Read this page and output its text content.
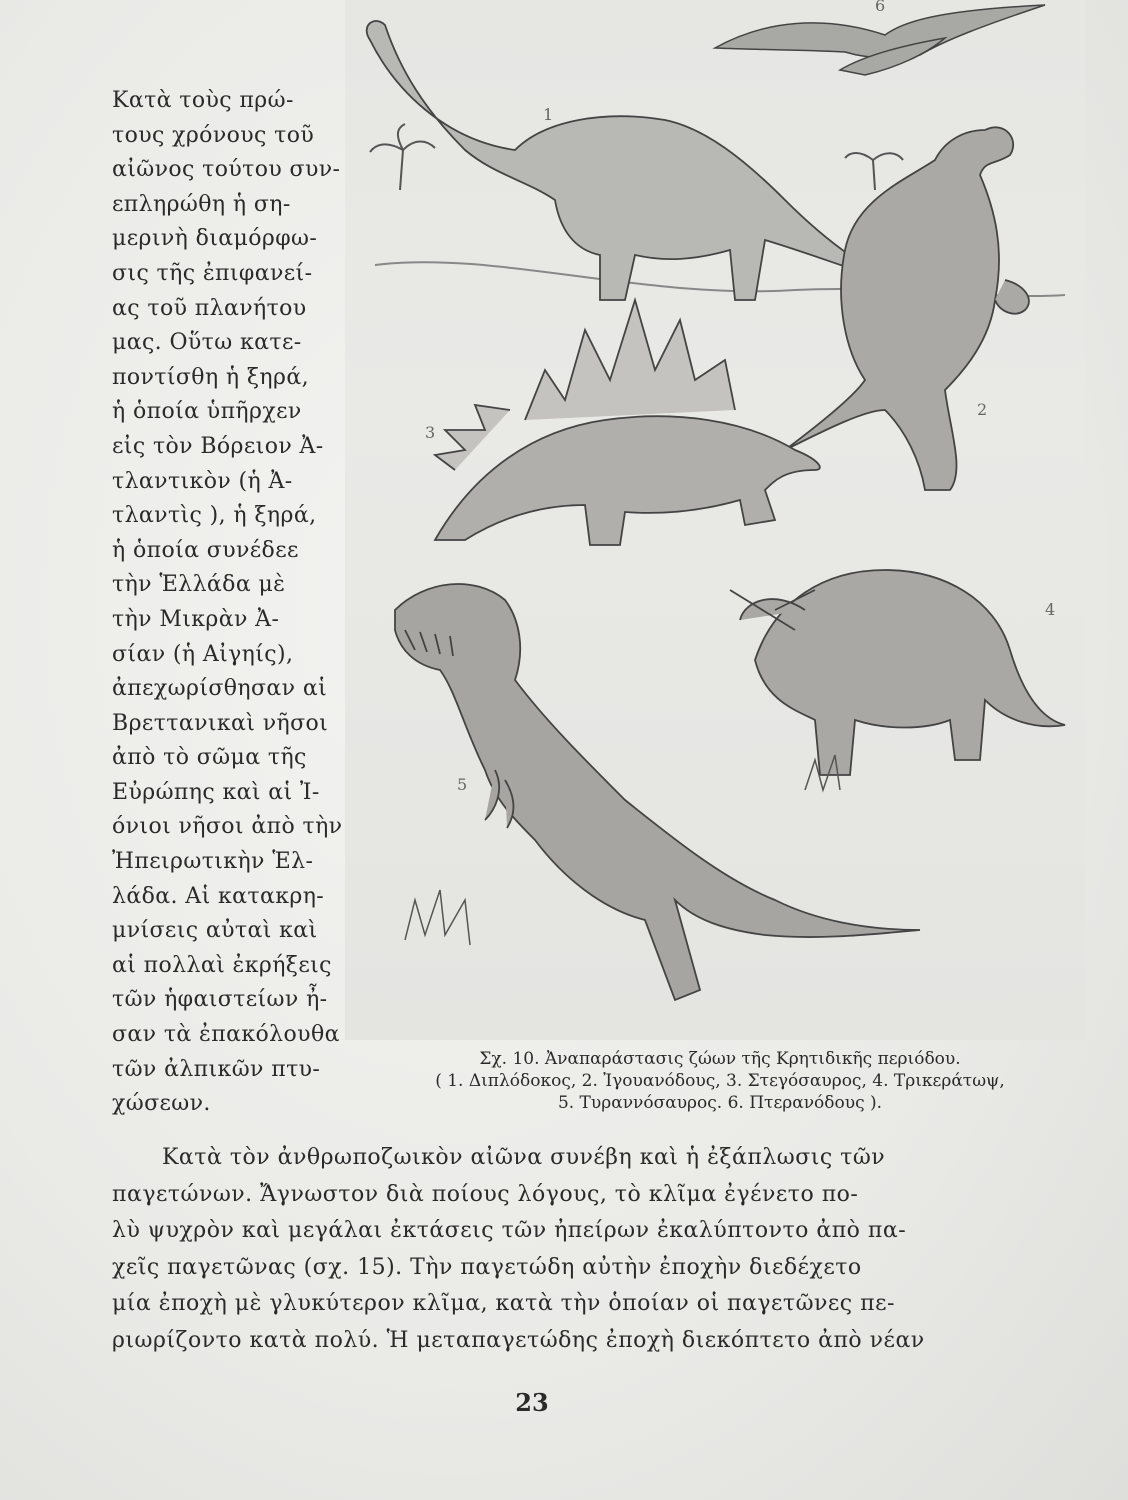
Κατὰ τοὺς πρώ-
τους χρόνους τοῦ
αἰῶνος τούτου συν-
επληρώθη ἡ ση-
μερινὴ διαμόρφω-
σις τῆς ἐπιφανεί-
ας τοῦ πλανήτου
μας. Οὕτω κατε-
ποντίσθη ἡ ξηρά,
ἡ ὁποία ὑπῆρχεν
εἰς τὸν Βόρειον Ἀ-
τλαντικὸν (ἡ Ἀ-
τλαντὶς ), ἡ ξηρά,
ἡ ὁποία συνέδεε
τὴν Ἑλλάδα μὲ
τὴν Μικρὰν Ἀ-
σίαν (ἡ Αἰγηίς),
ἀπεχωρίσθησαν αἱ
Βρεττανικαὶ νῆσοι
ἀπὸ τὸ σῶμα τῆς
Εὐρώπης καὶ αἱ Ἰ-
όνιοι νῆσοι ἀπὸ τὴν
Ἠπειρωτικὴν Ἑλ-
λάδα. Αἱ κατακρη-
μνίσεις αὐταὶ καὶ
αἱ πολλαὶ ἐκρήξεις
τῶν ἡφαιστείων ἦ-
σαν τὰ ἐπακόλουθα
τῶν ἀλπικῶν πτυ-
χώσεων.
1
2
3
4
5
6
Σχ. 10. Ἀναπαράστασις ζώων τῆς Κρητιδικῆς περιόδου.
( 1. Διπλόδοκος, 2. Ἰγουανόδους, 3. Στεγόσαυρος, 4. Τρικεράτωψ,
5. Τυραννόσαυρος. 6. Πτερανόδους ).
Κατὰ τὸν ἀνθρωποζωικὸν αἰῶνα συνέβη καὶ ἡ ἐξάπλωσις τῶν
παγετώνων. Ἄγνωστον διὰ ποίους λόγους, τὸ κλῖμα ἐγένετο πο-
λὺ ψυχρὸν καὶ μεγάλαι ἐκτάσεις τῶν ἠπείρων ἐκαλύπτοντο ἀπὸ πα-
χεῖς παγετῶνας (σχ. 15). Τὴν παγετώδη αὐτὴν ἐποχὴν διεδέχετο
μία ἐποχὴ μὲ γλυκύτερον κλῖμα, κατὰ τὴν ὁποίαν οἱ παγετῶνες πε-
ριωρίζοντο κατὰ πολύ. Ἡ μεταπαγετώδης ἐποχὴ διεκόπτετο ἀπὸ νέαν
23
